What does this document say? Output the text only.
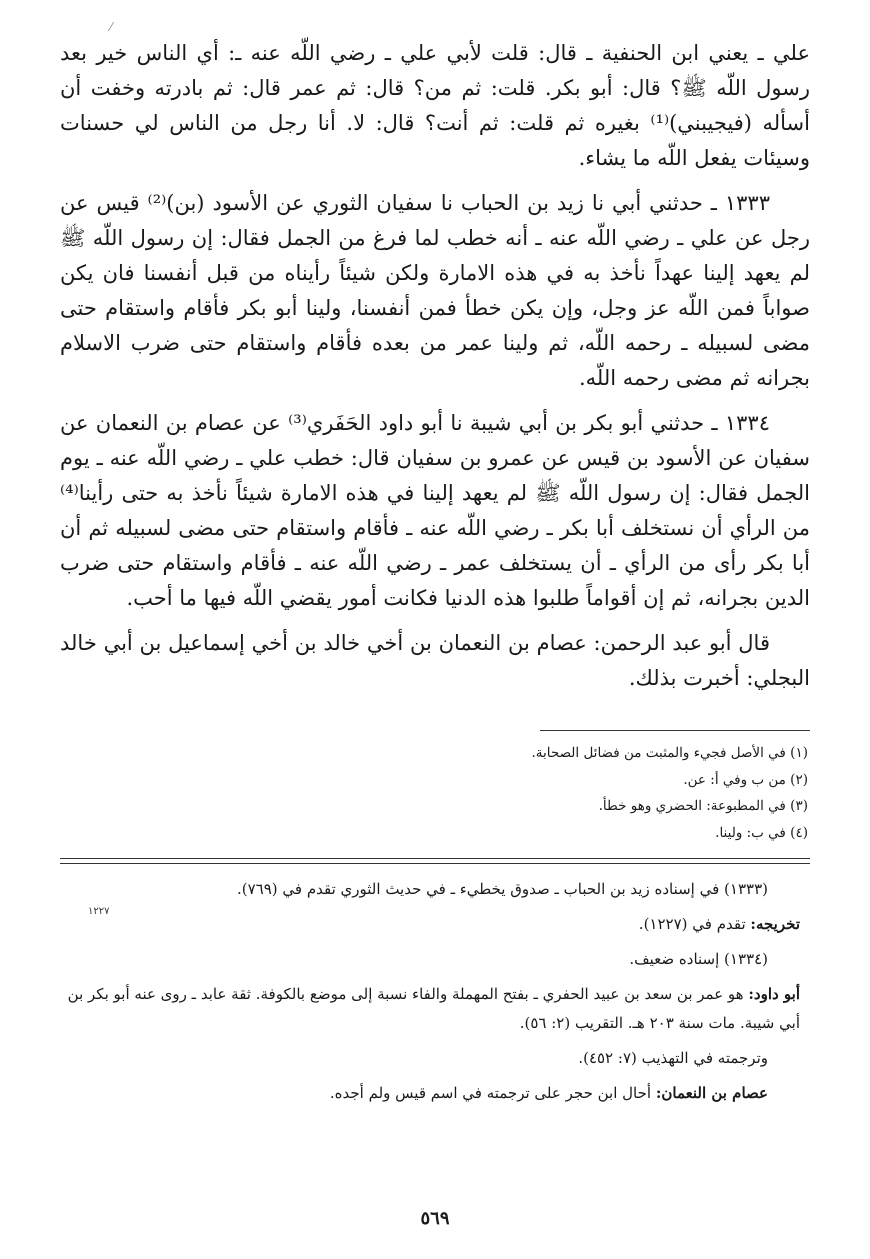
⁄

علي ـ يعني ابن الحنفية ـ قال: قلت لأبي علي ـ رضي اللّه عنه ـ: أي الناس خير بعد رسول اللّه ﷺ؟ قال: أبو بكر. قلت: ثم من؟ قال: ثم عمر قال: ثم بادرته وخفت أن أسأله (فيجيبني)⁽¹⁾ بغيره ثم قلت: ثم أنت؟ قال: لا. أنا رجل من الناس لي حسنات وسيئات يفعل اللّه ما يشاء.

١٣٣٣ ـ حدثني أبي نا زيد بن الحباب نا سفيان الثوري عن الأسود (بن)⁽²⁾ قيس عن رجل عن علي ـ رضي اللّه عنه ـ أنه خطب لما فرغ من الجمل فقال: إن رسول اللّه ﷺ لم يعهد إلينا عهداً نأخذ به في هذه الامارة ولكن شيئاً رأيناه من قبل أنفسنا فان يكن صواباً فمن اللّه عز وجل، وإن يكن خطأ فمن أنفسنا، ولينا أبو بكر فأقام واستقام حتى مضى لسبيله ـ رحمه اللّه، ثم ولينا عمر من بعده فأقام واستقام حتى ضرب الاسلام بجرانه ثم مضى رحمه اللّه.

١٣٣٤ ـ حدثني أبو بكر بن أبي شيبة نا أبو داود الحَفَري⁽³⁾ عن عصام بن النعمان عن سفيان عن الأسود بن قيس عن عمرو بن سفيان قال: خطب علي ـ رضي اللّه عنه ـ يوم الجمل فقال: إن رسول اللّه ﷺ لم يعهد إلينا في هذه الامارة شيئاً نأخذ به حتى رأينا⁽⁴⁾ من الرأي أن نستخلف أبا بكر ـ رضي اللّه عنه ـ فأقام واستقام حتى مضى لسبيله ثم أن أبا بكر رأى من الرأي ـ أن يستخلف عمر ـ رضي اللّه عنه ـ فأقام واستقام حتى ضرب الدين بجرانه، ثم إن أقواماً طلبوا هذه الدنيا فكانت أمور يقضي اللّه فيها ما أحب.

قال أبو عبد الرحمن: عصام بن النعمان بن أخي خالد بن أخي إسماعيل بن أبي خالد البجلي: أخبرت بذلك.

(١) في الأصل فجيء والمثبت من فضائل الصحابة.
(٢) من ب وفي أ: عن.
(٣) في المطبوعة: الحضري وهو خطأ.
(٤) في ب: ولينا.

(١٣٣٣) في إسناده زيد بن الحباب ـ صدوق يخطيء ـ في حديث الثوري تقدم في (٧٦٩).

تخريجه: تقدم في (١٢٢٧).

(١٣٣٤) إسناده ضعيف.

أبو داود: هو عمر بن سعد بن عبيد الحفري ـ بفتح المهملة والفاء نسبة إلى موضع بالكوفة. ثقة عابد ـ روى عنه أبو بكر بن أبي شيبة. مات سنة ٢٠٣ هـ. التقريب (٢: ٥٦).

وترجمته في التهذيب (٧: ٤٥٢).

عصام بن النعمان: أحال ابن حجر على ترجمته في اسم قيس ولم أجده.

١٢٢٧
٥٦٩
